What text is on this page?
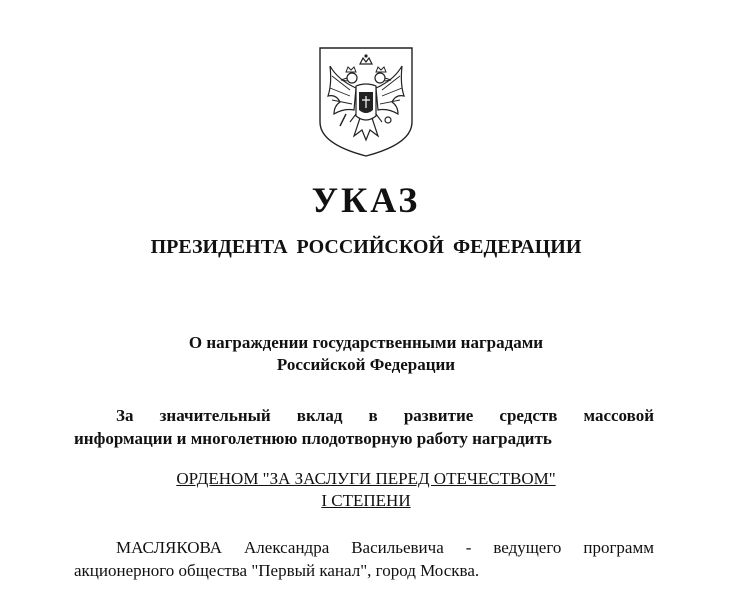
УКАЗ
ПРЕЗИДЕНТА РОССИЙСКОЙ ФЕДЕРАЦИИ
О награждении государственными наградами
Российской Федерации
За значительный вклад в развитие средств массовой
информации и многолетнюю плодотворную работу наградить
ОРДЕНОМ "ЗА ЗАСЛУГИ ПЕРЕД ОТЕЧЕСТВОМ"
I СТЕПЕНИ
МАСЛЯКОВА Александра Васильевича - ведущего программ
акционерного общества "Первый канал", город Москва.
